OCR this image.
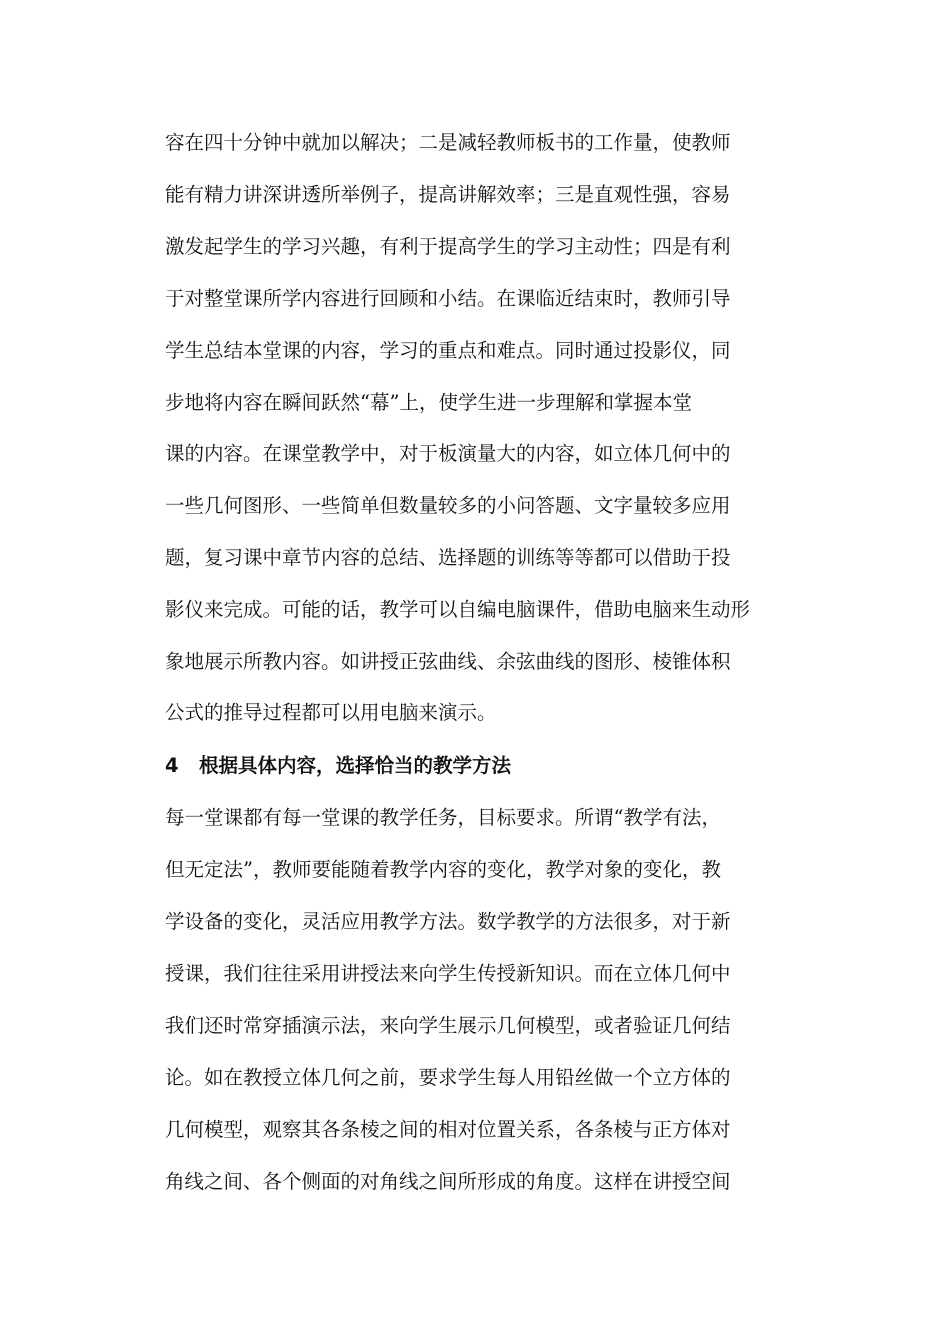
容在四十分钟中就加以解决；二是减轻教师板书的工作量，使教师
能有精力讲深讲透所举例子，提高讲解效率；三是直观性强，容易
激发起学生的学习兴趣，有利于提高学生的学习主动性；四是有利
于对整堂课所学内容进行回顾和小结。在课临近结束时，教师引导
学生总结本堂课的内容，学习的重点和难点。同时通过投影仪，同
步地将内容在瞬间跃然“幕”上，使学生进一步理解和掌握本堂
课的内容。在课堂教学中，对于板演量大的内容，如立体几何中的
一些几何图形、一些简单但数量较多的小问答题、文字量较多应用
题，复习课中章节内容的总结、选择题的训练等等都可以借助于投
影仪来完成。可能的话，教学可以自编电脑课件，借助电脑来生动形
象地展示所教内容。如讲授正弦曲线、余弦曲线的图形、棱锥体积
公式的推导过程都可以用电脑来演示。
4 根据具体内容，选择恰当的教学方法
每一堂课都有每一堂课的教学任务，目标要求。所谓“教学有法，
但无定法”，教师要能随着教学内容的变化，教学对象的变化，教
学设备的变化，灵活应用教学方法。数学教学的方法很多，对于新
授课，我们往往采用讲授法来向学生传授新知识。而在立体几何中
我们还时常穿插演示法，来向学生展示几何模型，或者验证几何结
论。如在教授立体几何之前，要求学生每人用铅丝做一个立方体的
几何模型，观察其各条棱之间的相对位置关系，各条棱与正方体对
角线之间、各个侧面的对角线之间所形成的角度。这样在讲授空间
